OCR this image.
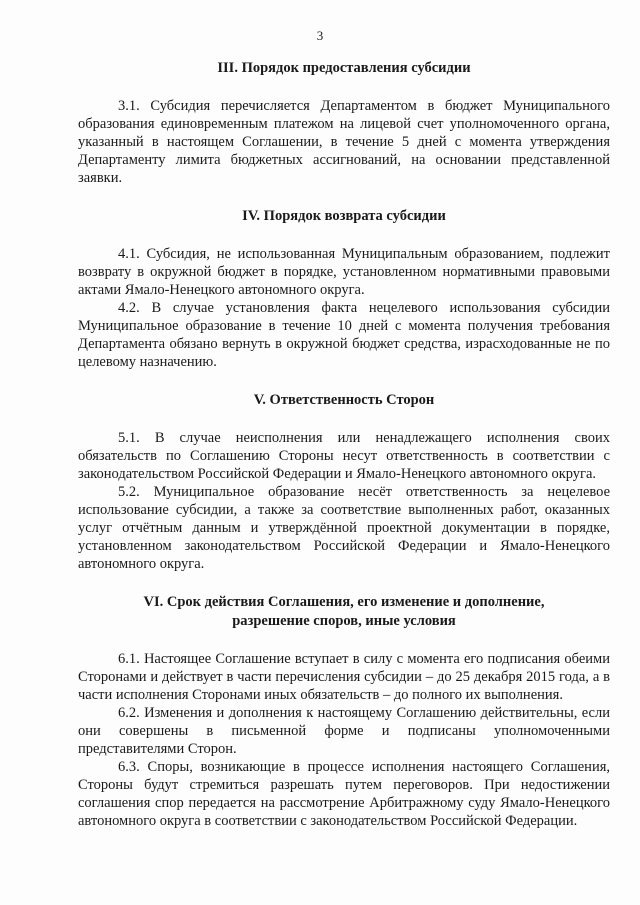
3
III. Порядок предоставления субсидии

3.1. Субсидия перечисляется Департаментом в бюджет Муниципального образования единовременным платежом на лицевой счет уполномоченного органа, указанный в настоящем Соглашении, в течение 5 дней с момента утверждения Департаменту лимита бюджетных ассигнований, на основании представленной заявки.

IV. Порядок возврата субсидии

4.1. Субсидия, не использованная Муниципальным образованием, подлежит возврату в окружной бюджет в порядке, установленном нормативными правовыми актами Ямало-Ненецкого автономного округа.

4.2. В случае установления факта нецелевого использования субсидии Муниципальное образование в течение 10 дней с момента получения требования Департамента обязано вернуть в окружной бюджет средства, израсходованные не по целевому назначению.

V. Ответственность Сторон

5.1. В случае неисполнения или ненадлежащего исполнения своих обязательств по Соглашению Стороны несут ответственность в соответствии с законодательством Российской Федерации и Ямало-Ненецкого автономного округа.

5.2. Муниципальное образование несёт ответственность за нецелевое использование субсидии, а также за соответствие выполненных работ, оказанных услуг отчётным данным и утверждённой проектной документации в порядке, установленном законодательством Российской Федерации и Ямало-Ненецкого автономного округа.

VI. Срок действия Соглашения, его изменение и дополнение,
разрешение споров, иные условия

6.1. Настоящее Соглашение вступает в силу с момента его подписания обеими Сторонами и действует в части перечисления субсидии – до 25 декабря 2015 года, а в части исполнения Сторонами иных обязательств – до полного их выполнения.

6.2. Изменения и дополнения к настоящему Соглашению действительны, если они совершены в письменной форме и подписаны уполномоченными представителями Сторон.

6.3. Споры, возникающие в процессе исполнения настоящего Соглашения, Стороны будут стремиться разрешать путем переговоров. При недостижении соглашения спор передается на рассмотрение Арбитражному суду Ямало-Ненецкого автономного округа в соответствии с законодательством Российской Федерации.
